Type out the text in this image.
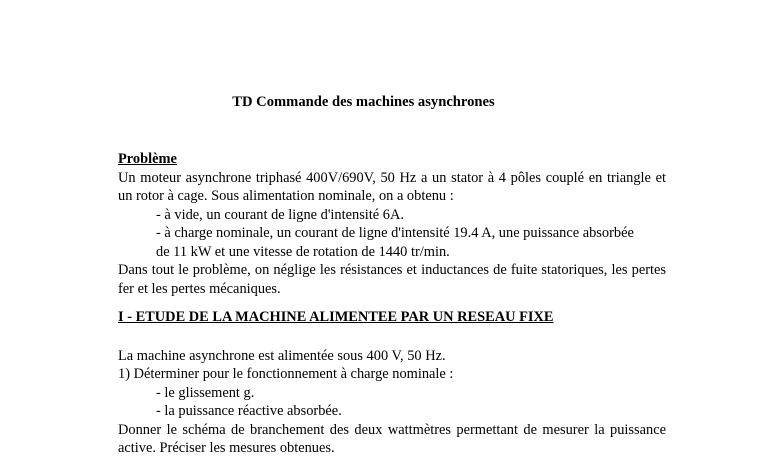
TD Commande des machines asynchrones
Problème
Un moteur asynchrone triphasé 400V/690V, 50 Hz a un stator à 4 pôles couplé en triangle et un rotor à cage. Sous alimentation nominale, on a obtenu :
- à vide, un courant de ligne d'intensité 6A.
- à charge nominale, un courant de ligne d'intensité 19.4 A, une puissance absorbée
de 11 kW et une vitesse de rotation de 1440 tr/min.
Dans tout le problème, on néglige les résistances et inductances de fuite statoriques, les pertes fer et les pertes mécaniques.
I - ETUDE DE LA MACHINE ALIMENTEE PAR UN RESEAU FIXE
La machine asynchrone est alimentée sous 400 V, 50 Hz.
1) Déterminer pour le fonctionnement à charge nominale :
- le glissement g.
- la puissance réactive absorbée.
Donner le schéma de branchement des deux wattmètres permettant de mesurer la puissance active. Préciser les mesures obtenues.
